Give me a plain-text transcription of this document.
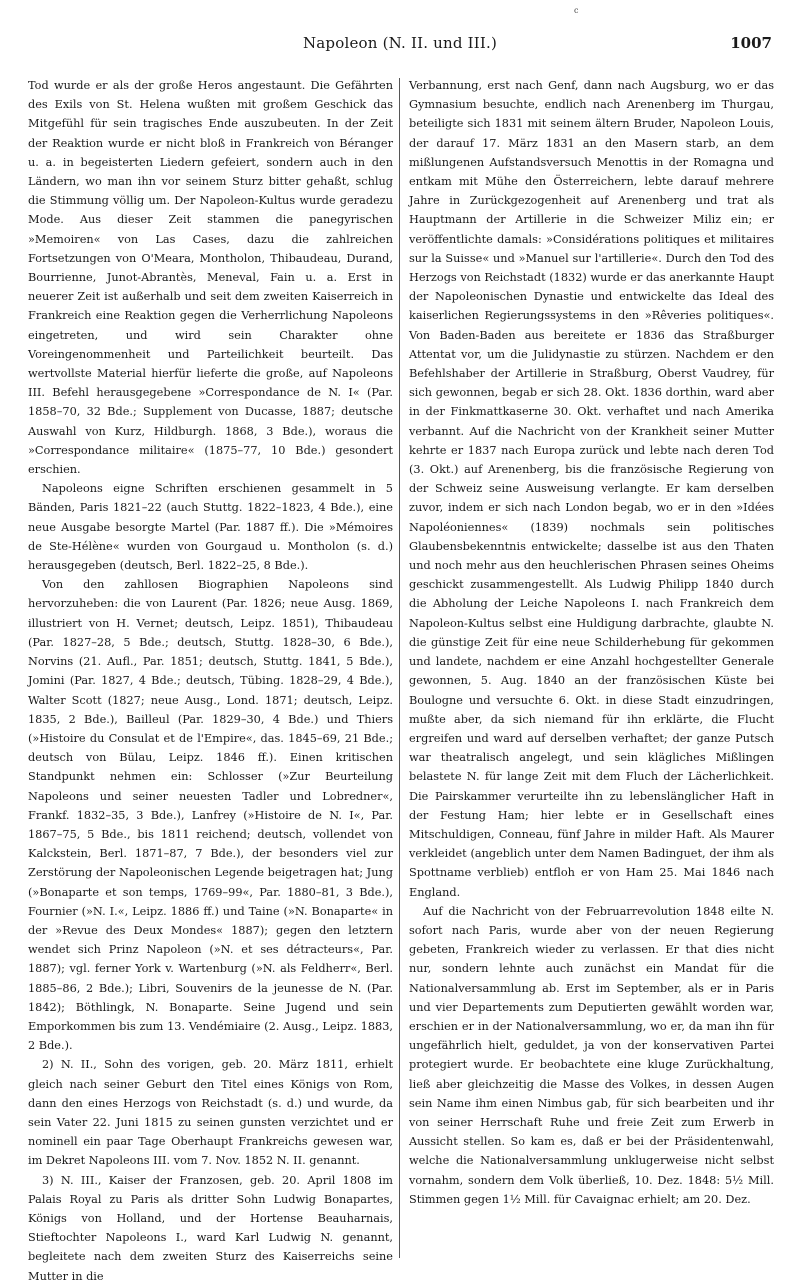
c
Napoleon (N. II. und III.)	1007

Tod wurde er als der große Heros angestaunt. Die Gefährten des Exils von St. Helena wußten mit großem Geschick das Mitgefühl für sein tragisches Ende auszubeuten. In der Zeit der Reaktion wurde er nicht bloß in Frankreich von Béranger u. a. in begeisterten Liedern gefeiert, sondern auch in den Ländern, wo man ihn vor seinem Sturz bitter gehaßt, schlug die Stimmung völlig um. Der Napoleon-Kultus wurde geradezu Mode. Aus dieser Zeit stammen die panegyrischen »Memoiren« von Las Cases, dazu die zahlreichen Fortsetzungen von O'Meara, Montholon, Thibaudeau, Durand, Bourrienne, Junot-Abrantès, Meneval, Fain u. a. Erst in neuerer Zeit ist außerhalb und seit dem zweiten Kaiserreich in Frankreich eine Reaktion gegen die Verherrlichung Napoleons eingetreten, und wird sein Charakter ohne Voreingenommenheit und Parteilichkeit beurteilt. Das wertvollste Material hierfür lieferte die große, auf Napoleons III. Befehl herausgegebene »Correspondance de N. I« (Par. 1858–70, 32 Bde.; Supplement von Ducasse, 1887; deutsche Auswahl von Kurz, Hildburgh. 1868, 3 Bde.), woraus die »Correspondance militaire« (1875–77, 10 Bde.) gesondert erschien.

Napoleons eigne Schriften erschienen gesammelt in 5 Bänden, Paris 1821–22 (auch Stuttg. 1822–1823, 4 Bde.), eine neue Ausgabe besorgte Martel (Par. 1887 ff.). Die »Mémoires de Ste-Hélène« wurden von Gourgaud u. Montholon (s. d.) herausgegeben (deutsch, Berl. 1822–25, 8 Bde.).

Von den zahllosen Biographien Napoleons sind hervorzuheben: die von Laurent (Par. 1826; neue Ausg. 1869, illustriert von H. Vernet; deutsch, Leipz. 1851), Thibaudeau (Par. 1827–28, 5 Bde.; deutsch, Stuttg. 1828–30, 6 Bde.), Norvins (21. Aufl., Par. 1851; deutsch, Stuttg. 1841, 5 Bde.), Jomini (Par. 1827, 4 Bde.; deutsch, Tübing. 1828–29, 4 Bde.), Walter Scott (1827; neue Ausg., Lond. 1871; deutsch, Leipz. 1835, 2 Bde.), Bailleul (Par. 1829–30, 4 Bde.) und Thiers (»Histoire du Consulat et de l'Empire«, das. 1845–69, 21 Bde.; deutsch von Bülau, Leipz. 1846 ff.). Einen kritischen Standpunkt nehmen ein: Schlosser (»Zur Beurteilung Napoleons und seiner neuesten Tadler und Lobredner«, Frankf. 1832–35, 3 Bde.), Lanfrey (»Histoire de N. I«, Par. 1867–75, 5 Bde., bis 1811 reichend; deutsch, vollendet von Kalckstein, Berl. 1871–87, 7 Bde.), der besonders viel zur Zerstörung der Napoleonischen Legende beigetragen hat; Jung (»Bonaparte et son temps, 1769–99«, Par. 1880–81, 3 Bde.), Fournier (»N. I.«, Leipz. 1886 ff.) und Taine (»N. Bonaparte« in der »Revue des Deux Mondes« 1887); gegen den letztern wendet sich Prinz Napoleon (»N. et ses détracteurs«, Par. 1887); vgl. ferner York v. Wartenburg (»N. als Feldherr«, Berl. 1885–86, 2 Bde.); Libri, Souvenirs de la jeunesse de N. (Par. 1842); Böthlingk, N. Bonaparte. Seine Jugend und sein Emporkommen bis zum 13. Vendémiaire (2. Ausg., Leipz. 1883, 2 Bde.).

2) N. II., Sohn des vorigen, geb. 20. März 1811, erhielt gleich nach seiner Geburt den Titel eines Königs von Rom, dann den eines Herzogs von Reichstadt (s. d.) und wurde, da sein Vater 22. Juni 1815 zu seinen gunsten verzichtet und er nominell ein paar Tage Oberhaupt Frankreichs gewesen war, im Dekret Napoleons III. vom 7. Nov. 1852 N. II. genannt.

3) N. III., Kaiser der Franzosen, geb. 20. April 1808 im Palais Royal zu Paris als dritter Sohn Ludwig Bonapartes, Königs von Holland, und der Hortense Beauharnais, Stieftochter Napoleons I., ward Karl Ludwig N. genannt, begleitete nach dem zweiten Sturz des Kaiserreichs seine Mutter in die

Verbannung, erst nach Genf, dann nach Augsburg, wo er das Gymnasium besuchte, endlich nach Arenenberg im Thurgau, beteiligte sich 1831 mit seinem ältern Bruder, Napoleon Louis, der darauf 17. März 1831 an den Masern starb, an dem mißlungenen Aufstandsversuch Menottis in der Romagna und entkam mit Mühe den Österreichern, lebte darauf mehrere Jahre in Zurückgezogenheit auf Arenenberg und trat als Hauptmann der Artillerie in die Schweizer Miliz ein; er veröffentlichte damals: »Considérations politiques et militaires sur la Suisse« und »Manuel sur l'artillerie«. Durch den Tod des Herzogs von Reichstadt (1832) wurde er das anerkannte Haupt der Napoleonischen Dynastie und entwickelte das Ideal des kaiserlichen Regierungssystems in den »Rêveries politiques«. Von Baden-Baden aus bereitete er 1836 das Straßburger Attentat vor, um die Julidynastie zu stürzen. Nachdem er den Befehlshaber der Artillerie in Straßburg, Oberst Vaudrey, für sich gewonnen, begab er sich 28. Okt. 1836 dorthin, ward aber in der Finkmattkaserne 30. Okt. verhaftet und nach Amerika verbannt. Auf die Nachricht von der Krankheit seiner Mutter kehrte er 1837 nach Europa zurück und lebte nach deren Tod (3. Okt.) auf Arenenberg, bis die französische Regierung von der Schweiz seine Ausweisung verlangte. Er kam derselben zuvor, indem er sich nach London begab, wo er in den »Idées Napoléoniennes« (1839) nochmals sein politisches Glaubensbekenntnis entwickelte; dasselbe ist aus den Thaten und noch mehr aus den heuchlerischen Phrasen seines Oheims geschickt zusammengestellt. Als Ludwig Philipp 1840 durch die Abholung der Leiche Napoleons I. nach Frankreich dem Napoleon-Kultus selbst eine Huldigung darbrachte, glaubte N. die günstige Zeit für eine neue Schilderhebung für gekommen und landete, nachdem er eine Anzahl hochgestellter Generale gewonnen, 5. Aug. 1840 an der französischen Küste bei Boulogne und versuchte 6. Okt. in diese Stadt einzudringen, mußte aber, da sich niemand für ihn erklärte, die Flucht ergreifen und ward auf derselben verhaftet; der ganze Putsch war theatralisch angelegt, und sein klägliches Mißlingen belastete N. für lange Zeit mit dem Fluch der Lächerlichkeit. Die Pairskammer verurteilte ihn zu lebenslänglicher Haft in der Festung Ham; hier lebte er in Gesellschaft eines Mitschuldigen, Conneau, fünf Jahre in milder Haft. Als Maurer verkleidet (angeblich unter dem Namen Badinguet, der ihm als Spottname verblieb) entfloh er von Ham 25. Mai 1846 nach England.

Auf die Nachricht von der Februarrevolution 1848 eilte N. sofort nach Paris, wurde aber von der neuen Regierung gebeten, Frankreich wieder zu verlassen. Er that dies nicht nur, sondern lehnte auch zunächst ein Mandat für die Nationalversammlung ab. Erst im September, als er in Paris und vier Departements zum Deputierten gewählt worden war, erschien er in der Nationalversammlung, wo er, da man ihn für ungefährlich hielt, geduldet, ja von der konservativen Partei protegiert wurde. Er beobachtete eine kluge Zurückhaltung, ließ aber gleichzeitig die Masse des Volkes, in dessen Augen sein Name ihm einen Nimbus gab, für sich bearbeiten und ihr von seiner Herrschaft Ruhe und freie Zeit zum Erwerb in Aussicht stellen. So kam es, daß er bei der Präsidentenwahl, welche die Nationalversammlung unklugerweise nicht selbst vornahm, sondern dem Volk überließ, 10. Dez. 1848: 5½ Mill. Stimmen gegen 1½ Mill. für Cavaignac erhielt; am 20. Dez.
